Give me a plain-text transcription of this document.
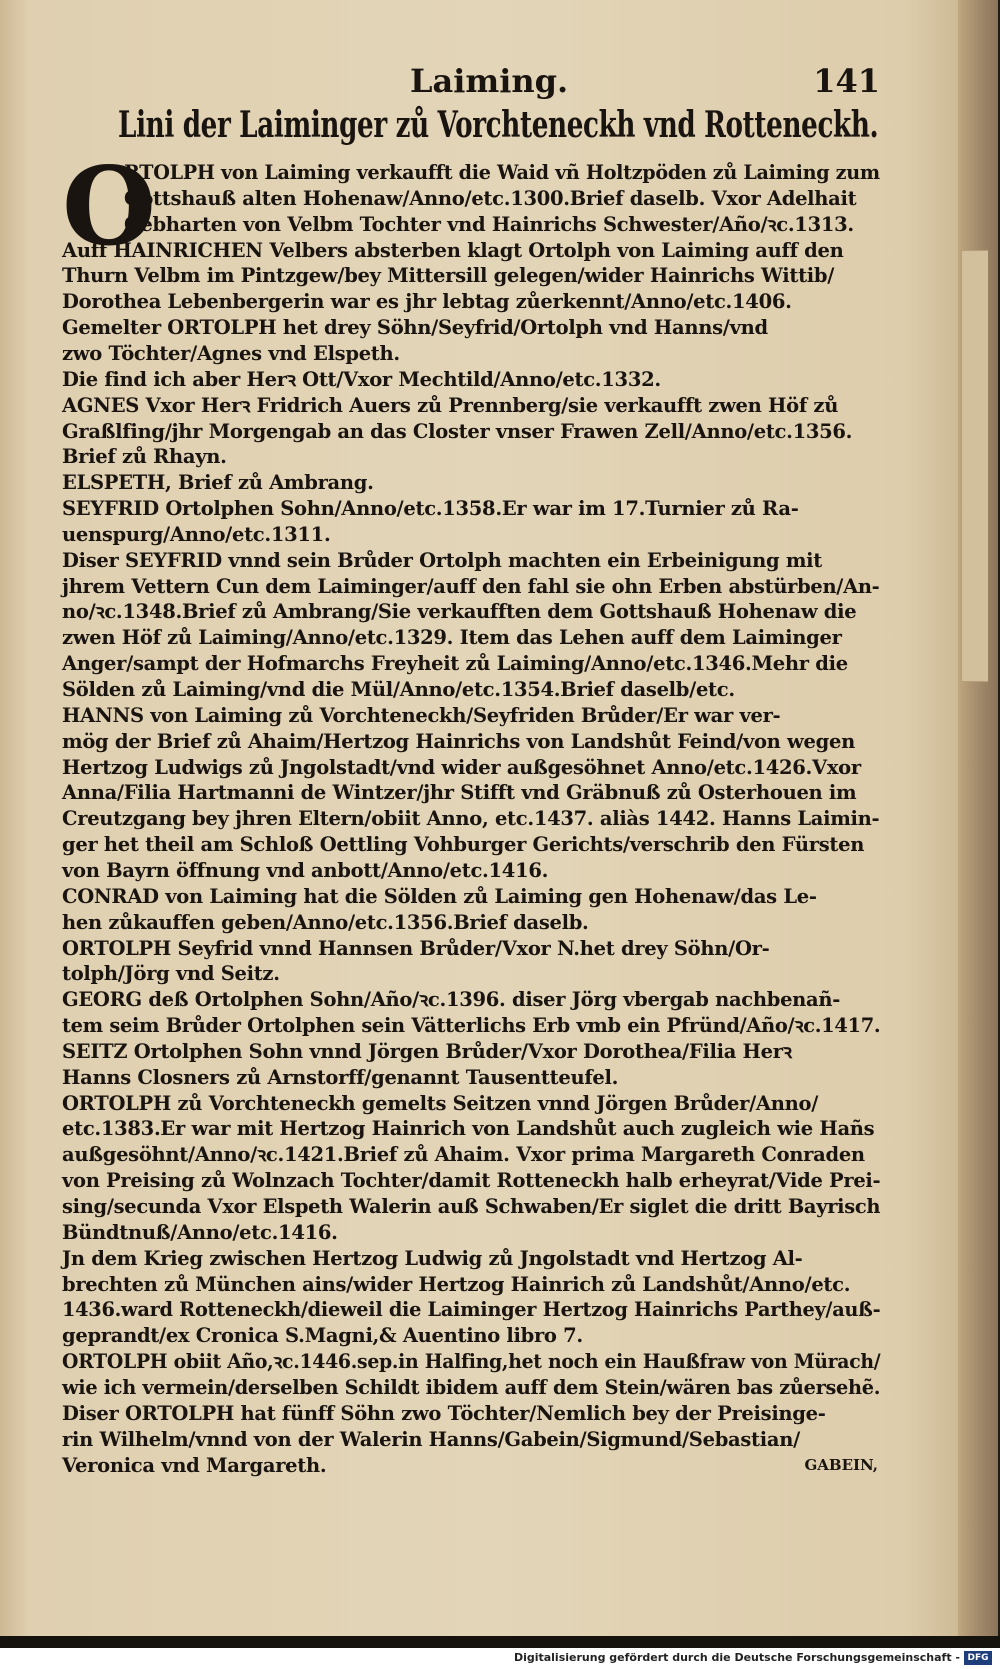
Laiming.	141
Lini der Laiminger zů Vorchteneckh vnd Rotteneckh.
O
RTOLPH von Laiming verkaufft die Waid vñ Holtzpöden zů Laiming zum
Gottshauß alten Hohenaw/Anno/etc.1300.Brief daselb. Vxor Adelhait
Gebharten von Velbm Tochter vnd Hainrichs Schwester/Año/ꝛc.1313.
Auff HAINRICHEN Velbers absterben klagt Ortolph von Laiming auff den
Thurn Velbm im Pintzgew/bey Mittersill gelegen/wider Hainrichs Wittib/
Dorothea Lebenbergerin war es jhr lebtag zůerkennt/Anno/etc.1406.
Gemelter ORTOLPH het drey Söhn/Seyfrid/Ortolph vnd Hanns/vnd
zwo Töchter/Agnes vnd Elspeth.
Die find ich aber Herꝛ Ott/Vxor Mechtild/Anno/etc.1332.
AGNES Vxor Herꝛ Fridrich Auers zů Prennberg/sie verkaufft zwen Höf zů
Graßlfing/jhr Morgengab an das Closter vnser Frawen Zell/Anno/etc.1356.
Brief zů Rhayn.
ELSPETH, Brief zů Ambrang.
SEYFRID Ortolphen Sohn/Anno/etc.1358.Er war im 17.Turnier zů Ra-
uenspurg/Anno/etc.1311.
Diser SEYFRID vnnd sein Brůder Ortolph machten ein Erbeinigung mit
jhrem Vettern Cun dem Laiminger/auff den fahl sie ohn Erben abstürben/An-
no/ꝛc.1348.Brief zů Ambrang/Sie verkaufften dem Gottshauß Hohenaw die
zwen Höf zů Laiming/Anno/etc.1329. Item das Lehen auff dem Laiminger
Anger/sampt der Hofmarchs Freyheit zů Laiming/Anno/etc.1346.Mehr die
Sölden zů Laiming/vnd die Mül/Anno/etc.1354.Brief daselb/etc.
HANNS von Laiming zů Vorchteneckh/Seyfriden Brůder/Er war ver-
mög der Brief zů Ahaim/Hertzog Hainrichs von Landshůt Feind/von wegen
Hertzog Ludwigs zů Jngolstadt/vnd wider außgesöhnet Anno/etc.1426.Vxor
Anna/Filia Hartmanni de Wintzer/jhr Stifft vnd Gräbnuß zů Osterhouen im
Creutzgang bey jhren Eltern/obiit Anno, etc.1437. aliàs 1442. Hanns Laimin-
ger het theil am Schloß Oettling Vohburger Gerichts/verschrib den Fürsten
von Bayrn öffnung vnd anbott/Anno/etc.1416.
CONRAD von Laiming hat die Sölden zů Laiming gen Hohenaw/das Le-
hen zůkauffen geben/Anno/etc.1356.Brief daselb.
ORTOLPH Seyfrid vnnd Hannsen Brůder/Vxor N.het drey Söhn/Or-
tolph/Jörg vnd Seitz.
GEORG deß Ortolphen Sohn/Año/ꝛc.1396. diser Jörg vbergab nachbenañ-
tem seim Brůder Ortolphen sein Vätterlichs Erb vmb ein Pfründ/Año/ꝛc.1417.
SEITZ Ortolphen Sohn vnnd Jörgen Brůder/Vxor Dorothea/Filia Herꝛ
Hanns Closners zů Arnstorff/genannt Tausentteufel.
ORTOLPH zů Vorchteneckh gemelts Seitzen vnnd Jörgen Brůder/Anno/
etc.1383.Er war mit Hertzog Hainrich von Landshůt auch zugleich wie Hañs
außgesöhnt/Anno/ꝛc.1421.Brief zů Ahaim. Vxor prima Margareth Conraden
von Preising zů Wolnzach Tochter/damit Rotteneckh halb erheyrat/Vide Prei-
sing/secunda Vxor Elspeth Walerin auß Schwaben/Er siglet die dritt Bayrisch
Bündtnuß/Anno/etc.1416.
Jn dem Krieg zwischen Hertzog Ludwig zů Jngolstadt vnd Hertzog Al-
brechten zů München ains/wider Hertzog Hainrich zů Landshůt/Anno/etc.
1436.ward Rotteneckh/dieweil die Laiminger Hertzog Hainrichs Parthey/auß-
geprandt/ex Cronica S.Magni,& Auentino libro 7.
ORTOLPH obiit Año,ꝛc.1446.sep.in Halfing,het noch ein Haußfraw von Mürach/
wie ich vermein/derselben Schildt ibidem auff dem Stein/wären bas zůersehẽ.
Diser ORTOLPH hat fünff Söhn zwo Töchter/Nemlich bey der Preisinge-
rin Wilhelm/vnnd von der Walerin Hanns/Gabein/Sigmund/Sebastian/
Veronica vnd Margareth.	GABEIN,
Digitalisierung gefördert durch die Deutsche Forschungsgemeinschaft - DFG
